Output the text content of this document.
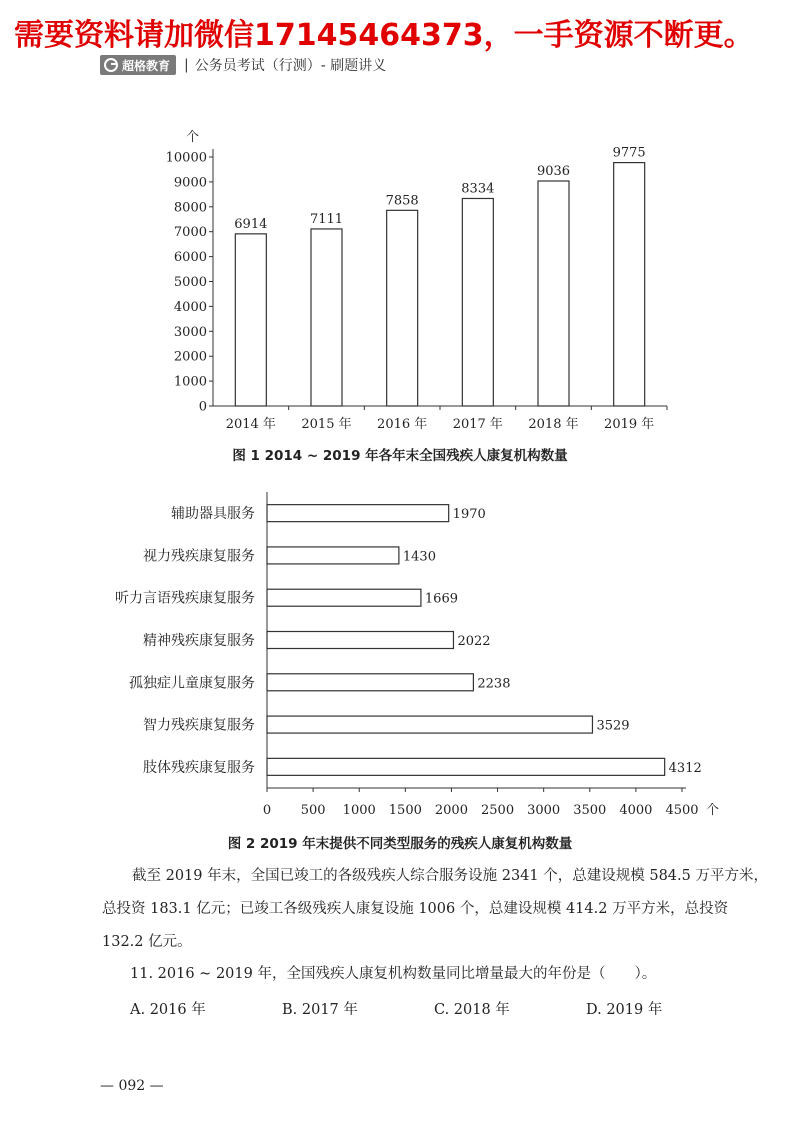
需要资料请加微信17145464373，一手资源不断更。
超格教育 | 公务员考试（行测）- 刷题讲义
个
0
1000
2000
3000
4000
5000
6000
7000
8000
9000
10000
6914
2014 年
7111
2015 年
7858
2016 年
8334
2017 年
9036
2018 年
9775
2019 年
图 1 2014 ~ 2019 年各年末全国残疾人康复机构数量
0 500 1000 1500 2000 2500 3000 3500 4000 4500 个
1970
辅助器具服务
1430
视力残疾康复服务
1669
听力言语残疾康复服务
2022
精神残疾康复服务
2238
孤独症儿童康复服务
3529
智力残疾康复服务
4312
肢体残疾康复服务
图 2 2019 年末提供不同类型服务的残疾人康复机构数量
截至 2019 年末，全国已竣工的各级残疾人综合服务设施 2341 个，总建设规模 584.5 万平方米，总投资 183.1 亿元；已竣工各级残疾人康复设施 1006 个，总建设规模 414.2 万平方米，总投资 132.2 亿元。
11. 2016 ~ 2019 年，全国残疾人康复机构数量同比增量最大的年份是（　　）。
A. 2016 年	B. 2017 年	C. 2018 年	D. 2019 年
— 092 —
